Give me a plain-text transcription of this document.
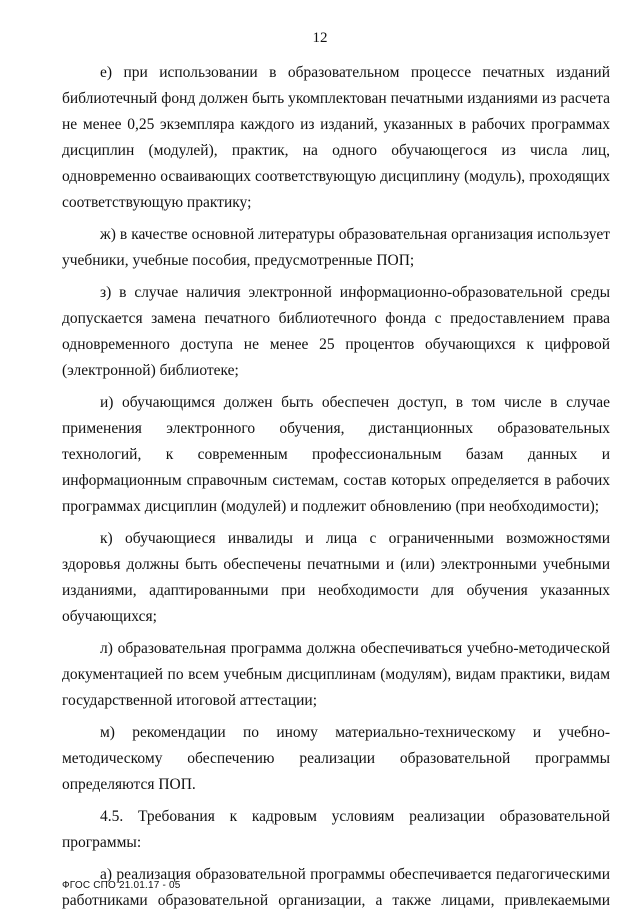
12

е) при использовании в образовательном процессе печатных изданий библиотечный фонд должен быть укомплектован печатными изданиями из расчета не менее 0,25 экземпляра каждого из изданий, указанных в рабочих программах дисциплин (модулей), практик, на одного обучающегося из числа лиц, одновременно осваивающих соответствующую дисциплину (модуль), проходящих соответствующую практику;

ж) в качестве основной литературы образовательная организация использует учебники, учебные пособия, предусмотренные ПОП;

з) в случае наличия электронной информационно-образовательной среды допускается замена печатного библиотечного фонда с предоставлением права одновременного доступа не менее 25 процентов обучающихся к цифровой (электронной) библиотеке;

и) обучающимся должен быть обеспечен доступ, в том числе в случае применения электронного обучения, дистанционных образовательных технологий, к современным профессиональным базам данных и информационным справочным системам, состав которых определяется в рабочих программах дисциплин (модулей) и подлежит обновлению (при необходимости);

к) обучающиеся инвалиды и лица с ограниченными возможностями здоровья должны быть обеспечены печатными и (или) электронными учебными изданиями, адаптированными при необходимости для обучения указанных обучающихся;

л) образовательная программа должна обеспечиваться учебно-методической документацией по всем учебным дисциплинам (модулям), видам практики, видам государственной итоговой аттестации;

м) рекомендации по иному материально-техническому и учебно-методическому обеспечению реализации образовательной программы определяются ПОП.

4.5. Требования к кадровым условиям реализации образовательной программы:

а) реализация образовательной программы обеспечивается педагогическими работниками образовательной организации, а также лицами, привлекаемыми

ФГОС СПО 21.01.17 - 05
